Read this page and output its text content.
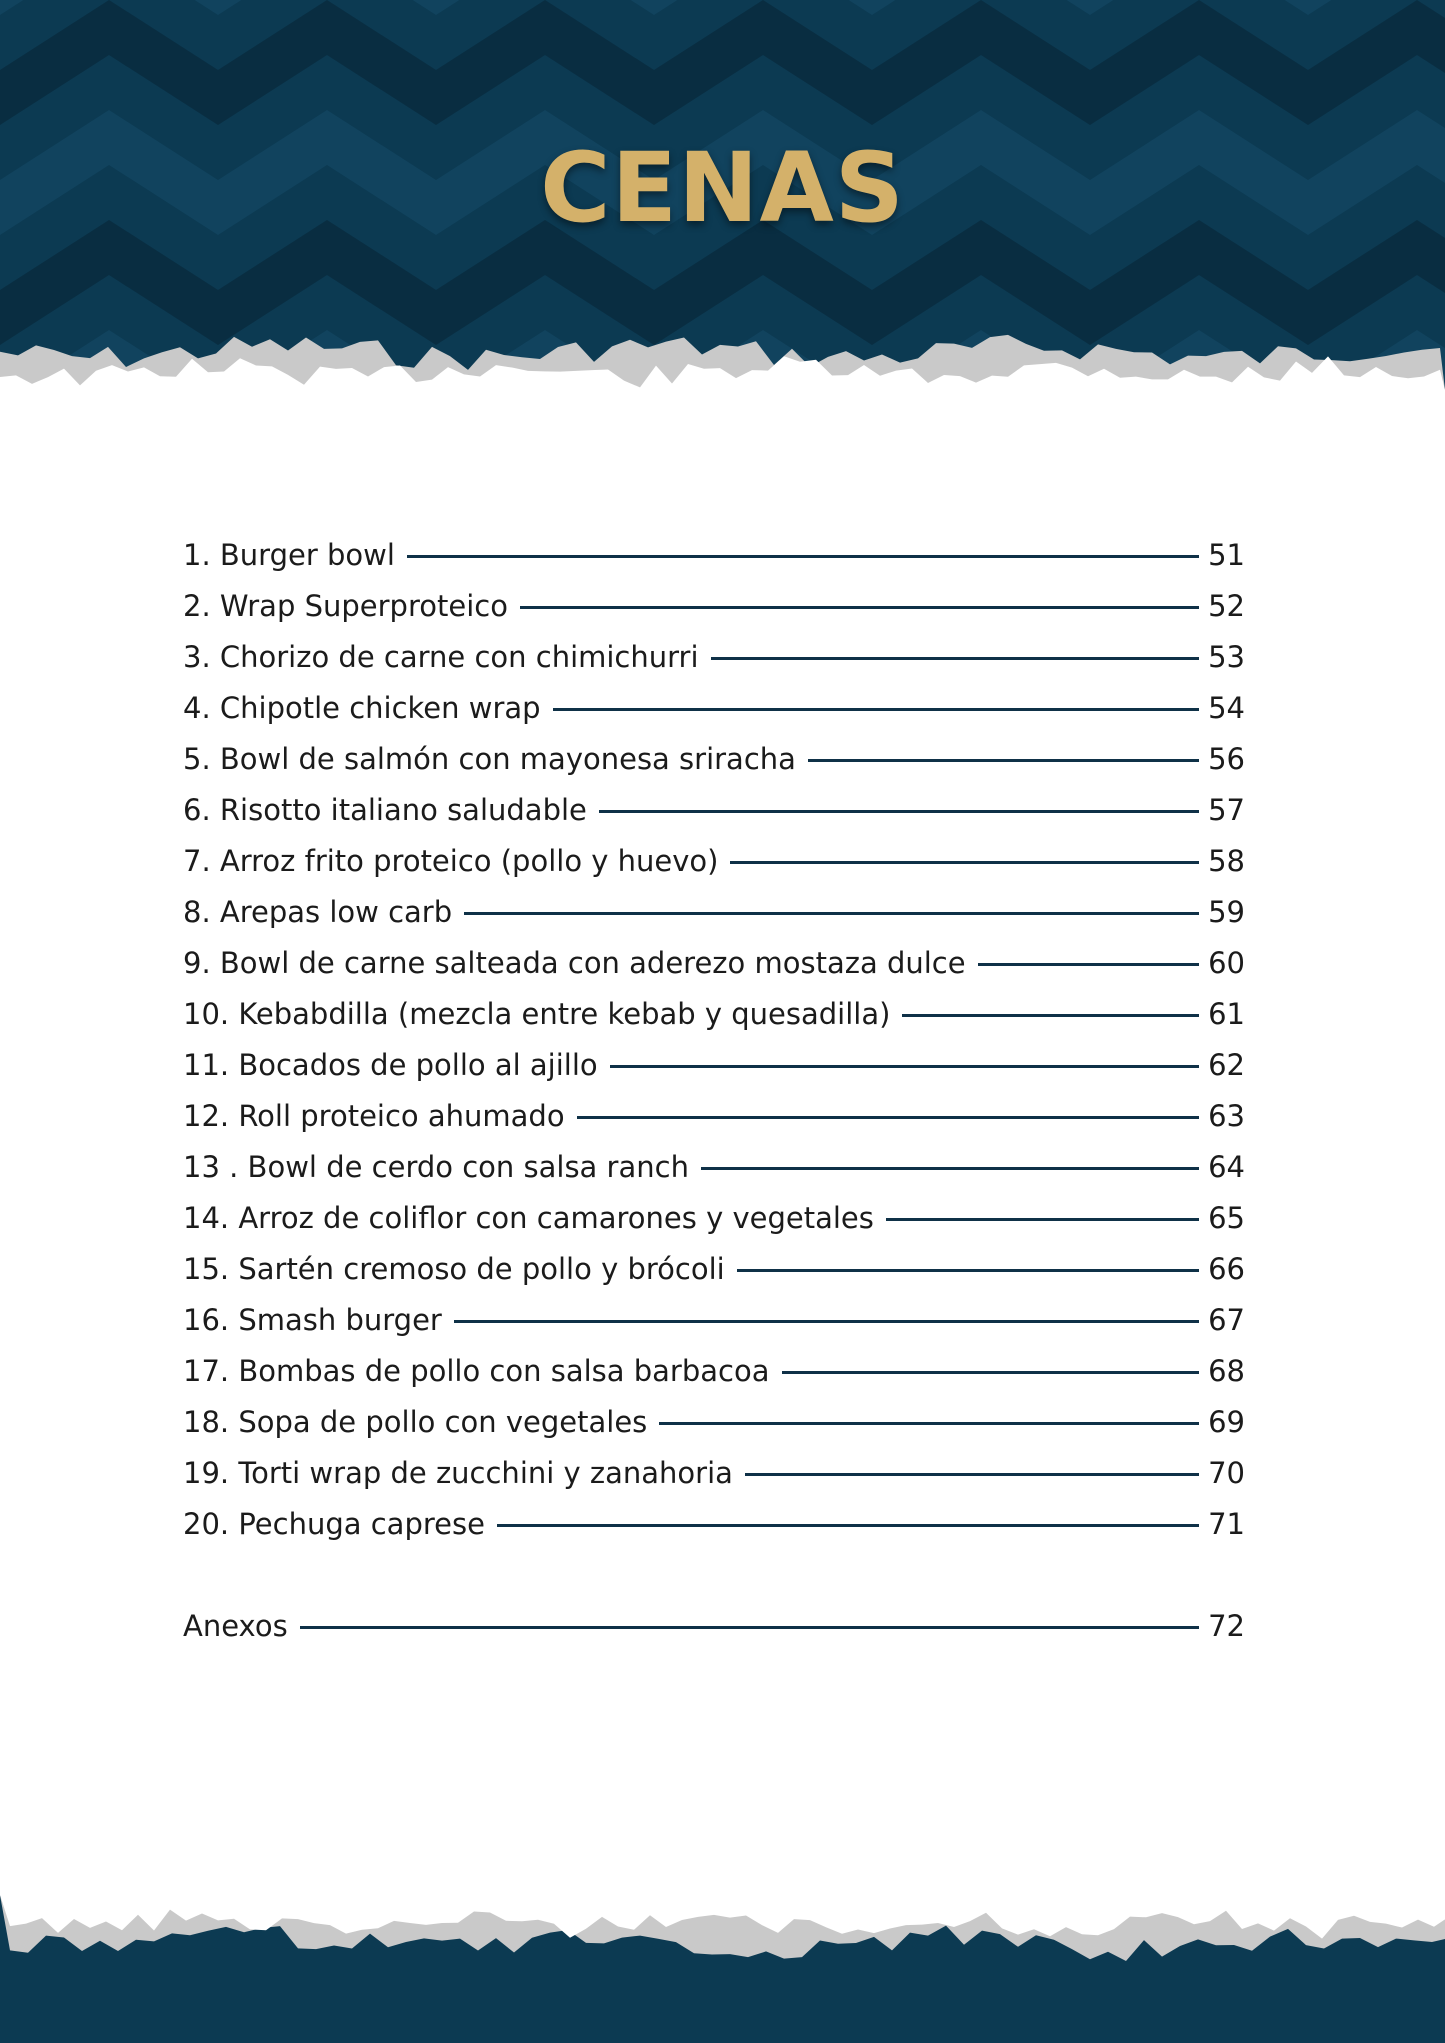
CENAS
1. Burger bowl	51
2. Wrap Superproteico	52
3. Chorizo de carne con chimichurri	53
4. Chipotle chicken wrap	54
5. Bowl de salmón con mayonesa sriracha	56
6. Risotto italiano saludable	57
7. Arroz frito proteico (pollo y huevo)	58
8. Arepas low carb	59
9. Bowl de carne salteada con aderezo mostaza dulce	60
10. Kebabdilla (mezcla entre kebab y quesadilla)	61
11. Bocados de pollo al ajillo	62
12. Roll proteico ahumado	63
13 . Bowl de cerdo con salsa ranch	64
14. Arroz de coliflor con camarones y vegetales	65
15. Sartén cremoso de pollo y brócoli	66
16. Smash burger	67
17. Bombas de pollo con salsa barbacoa	68
18. Sopa de pollo con vegetales	69
19. Torti wrap de zucchini y zanahoria	70
20. Pechuga caprese	71
Anexos	72
